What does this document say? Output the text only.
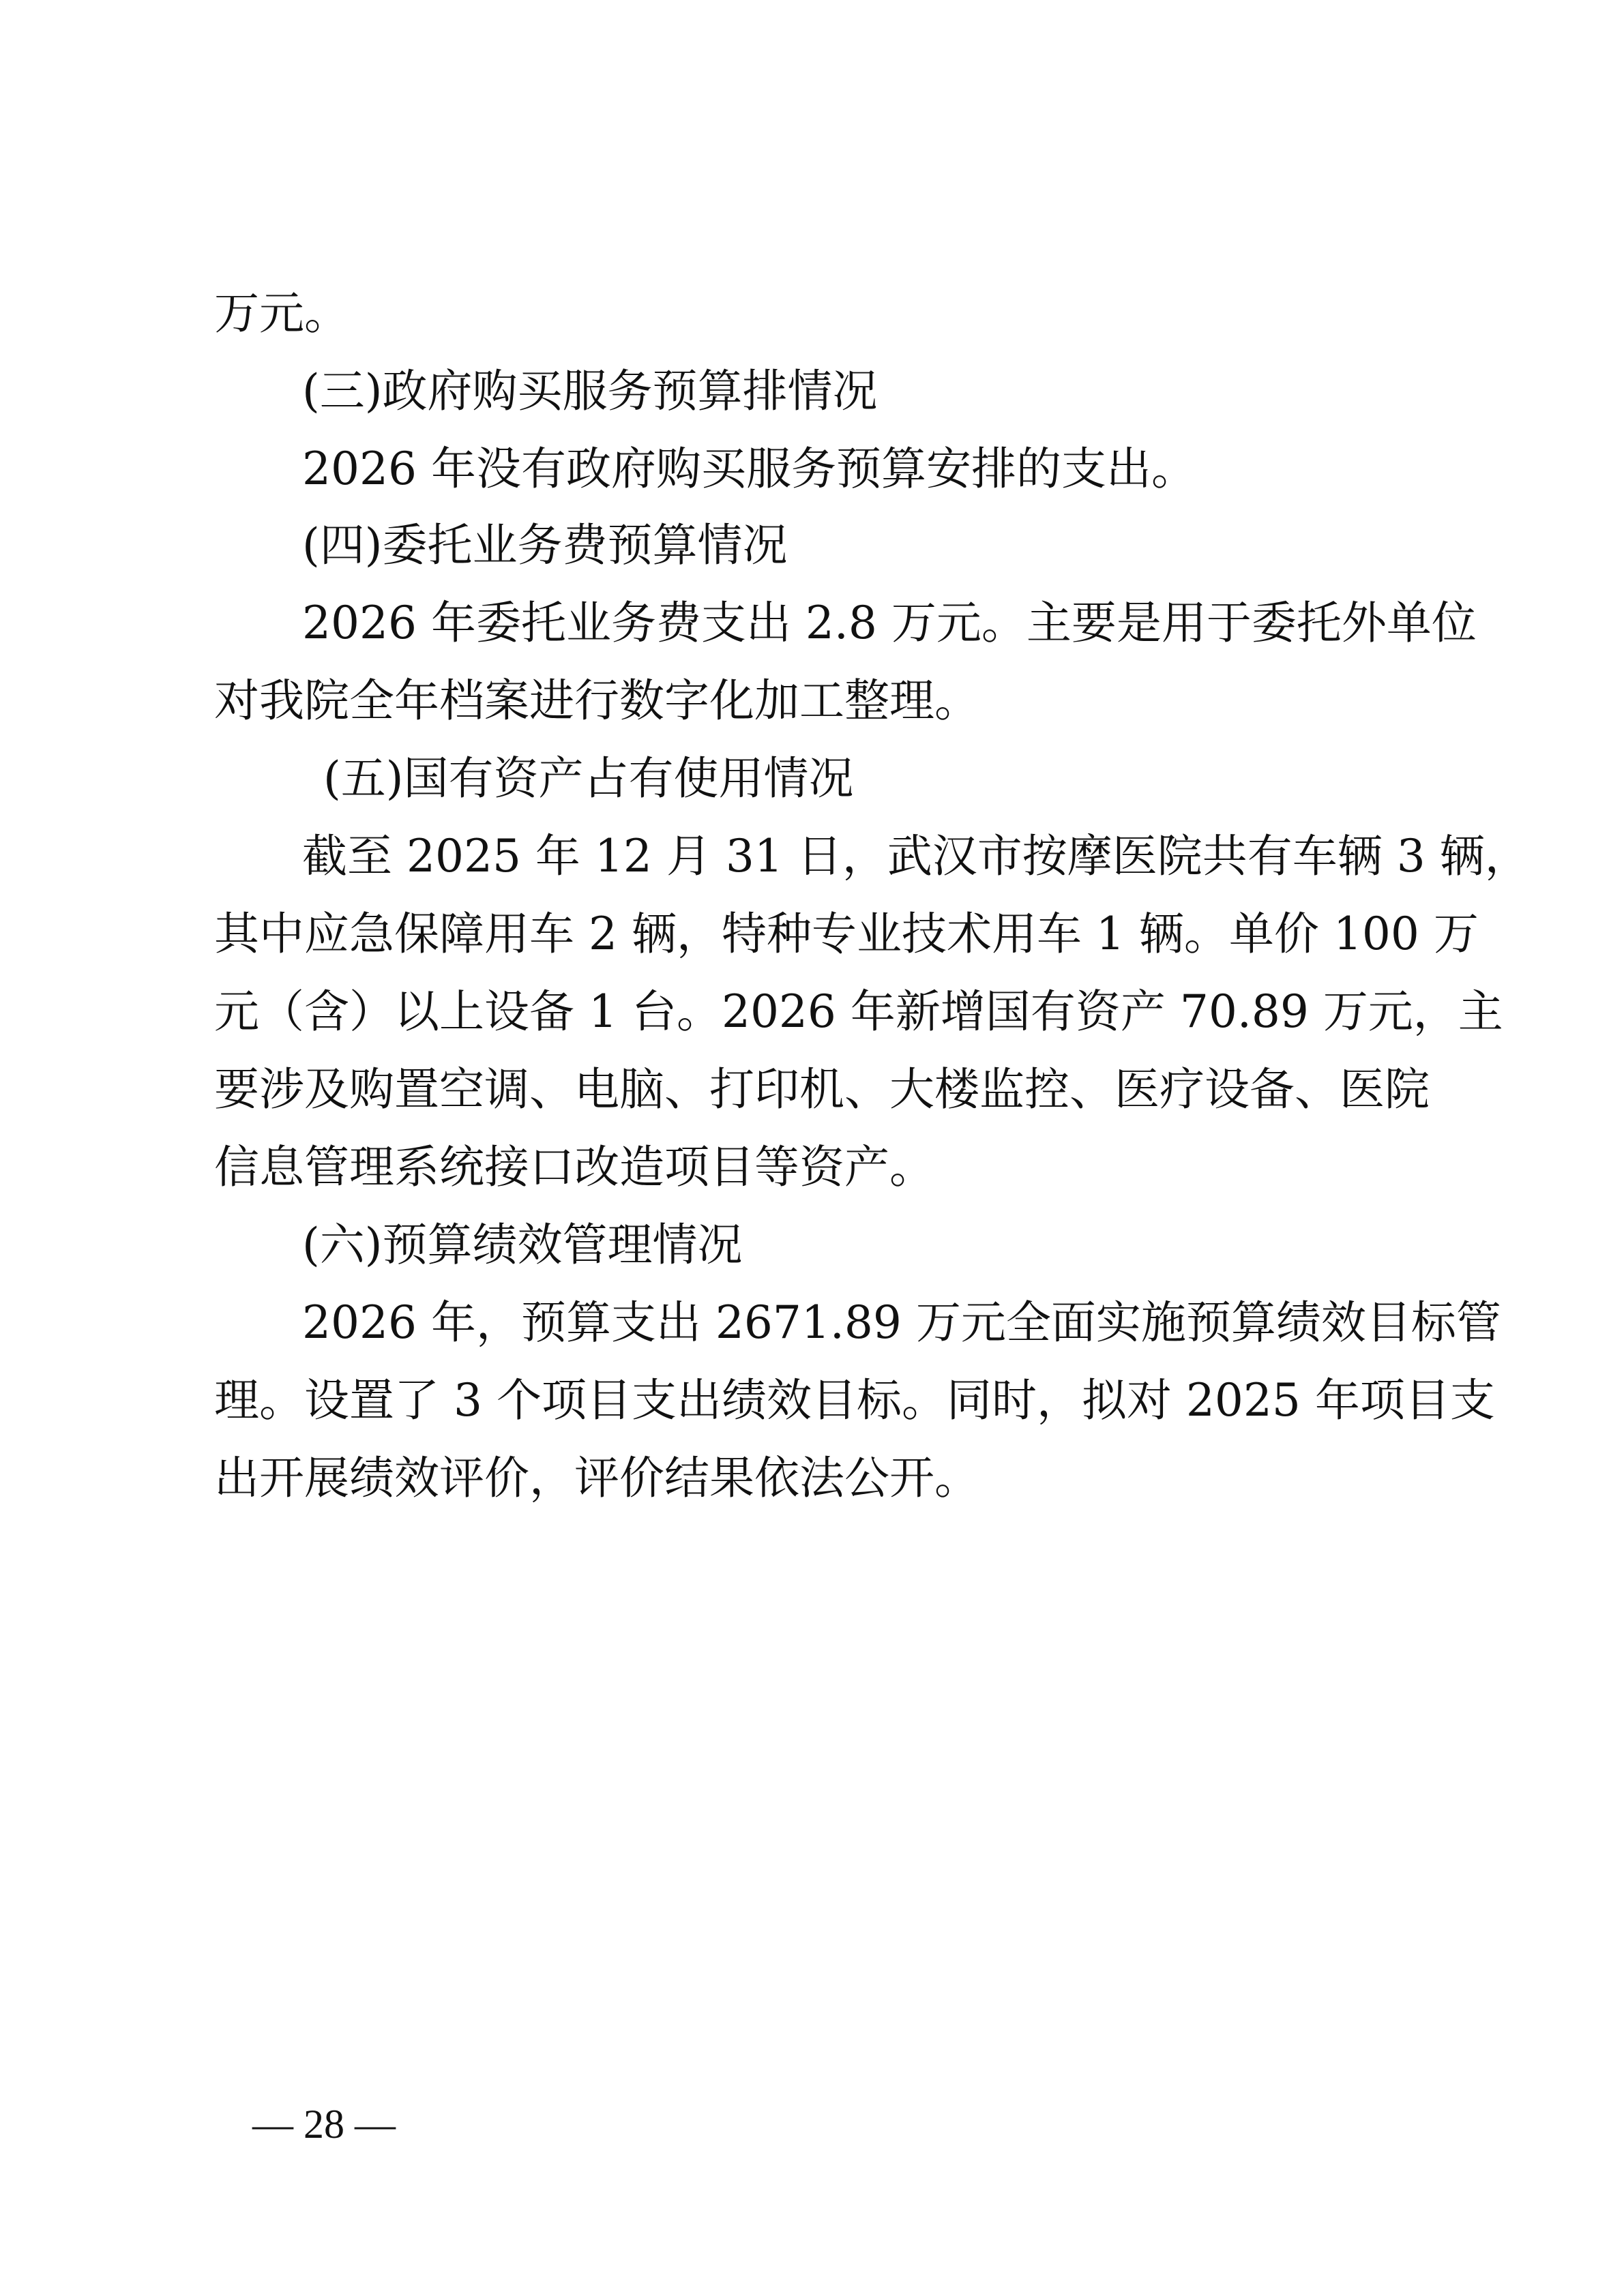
万元。
(三)政府购买服务预算排情况
2026 年没有政府购买服务预算安排的支出。
(四)委托业务费预算情况
2026 年委托业务费支出 2.8 万元。主要是用于委托外单位
对我院全年档案进行数字化加工整理。
(五)国有资产占有使用情况
截至 2025 年 12 月 31 日，武汉市按摩医院共有车辆 3 辆，
其中应急保障用车 2 辆，特种专业技术用车 1 辆。单价 100 万
元（含）以上设备 1 台。2026 年新增国有资产 70.89 万元，主
要涉及购置空调、电脑、打印机、大楼监控、医疗设备、医院
信息管理系统接口改造项目等资产。
(六)预算绩效管理情况
2026 年，预算支出 2671.89 万元全面实施预算绩效目标管
理。设置了 3 个项目支出绩效目标。同时，拟对 2025 年项目支
出开展绩效评价，评价结果依法公开。
— 28 —
